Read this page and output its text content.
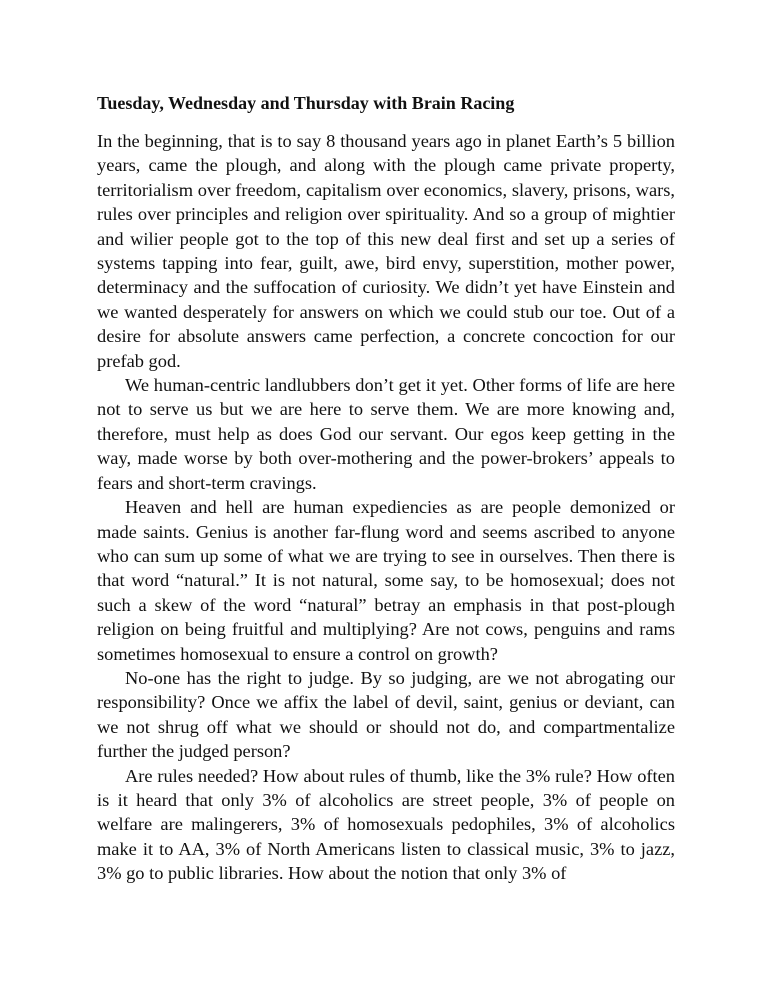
Tuesday, Wednesday and Thursday with Brain Racing

In the beginning, that is to say 8 thousand years ago in planet Earth’s 5 billion years, came the plough, and along with the plough came private property, territorialism over freedom, capitalism over economics, slavery, prisons, wars, rules over principles and religion over spirituality. And so a group of mightier and wilier people got to the top of this new deal first and set up a series of systems tapping into fear, guilt, awe, bird envy, superstition, mother power, determinacy and the suffocation of curiosity. We didn’t yet have Einstein and we wanted desperately for answers on which we could stub our toe. Out of a desire for absolute answers came perfection, a concrete concoction for our prefab god.

We human-centric landlubbers don’t get it yet. Other forms of life are here not to serve us but we are here to serve them. We are more knowing and, therefore, must help as does God our servant. Our egos keep getting in the way, made worse by both over-mothering and the power-brokers’ appeals to fears and short-term cravings.

Heaven and hell are human expediencies as are people demonized or made saints. Genius is another far-flung word and seems ascribed to anyone who can sum up some of what we are trying to see in ourselves. Then there is that word “natural.” It is not natural, some say, to be homosexual; does not such a skew of the word “natural” betray an emphasis in that post-plough religion on being fruitful and multiplying? Are not cows, penguins and rams sometimes homosexual to ensure a control on growth?

No-one has the right to judge. By so judging, are we not abrogating our responsibility? Once we affix the label of devil, saint, genius or deviant, can we not shrug off what we should or should not do, and compartmentalize further the judged person?

Are rules needed? How about rules of thumb, like the 3% rule? How often is it heard that only 3% of alcoholics are street people, 3% of people on welfare are malingerers, 3% of homosexuals pedophiles, 3% of alcoholics make it to AA, 3% of North Americans listen to classical music, 3% to jazz, 3% go to public libraries. How about the notion that only 3% of
